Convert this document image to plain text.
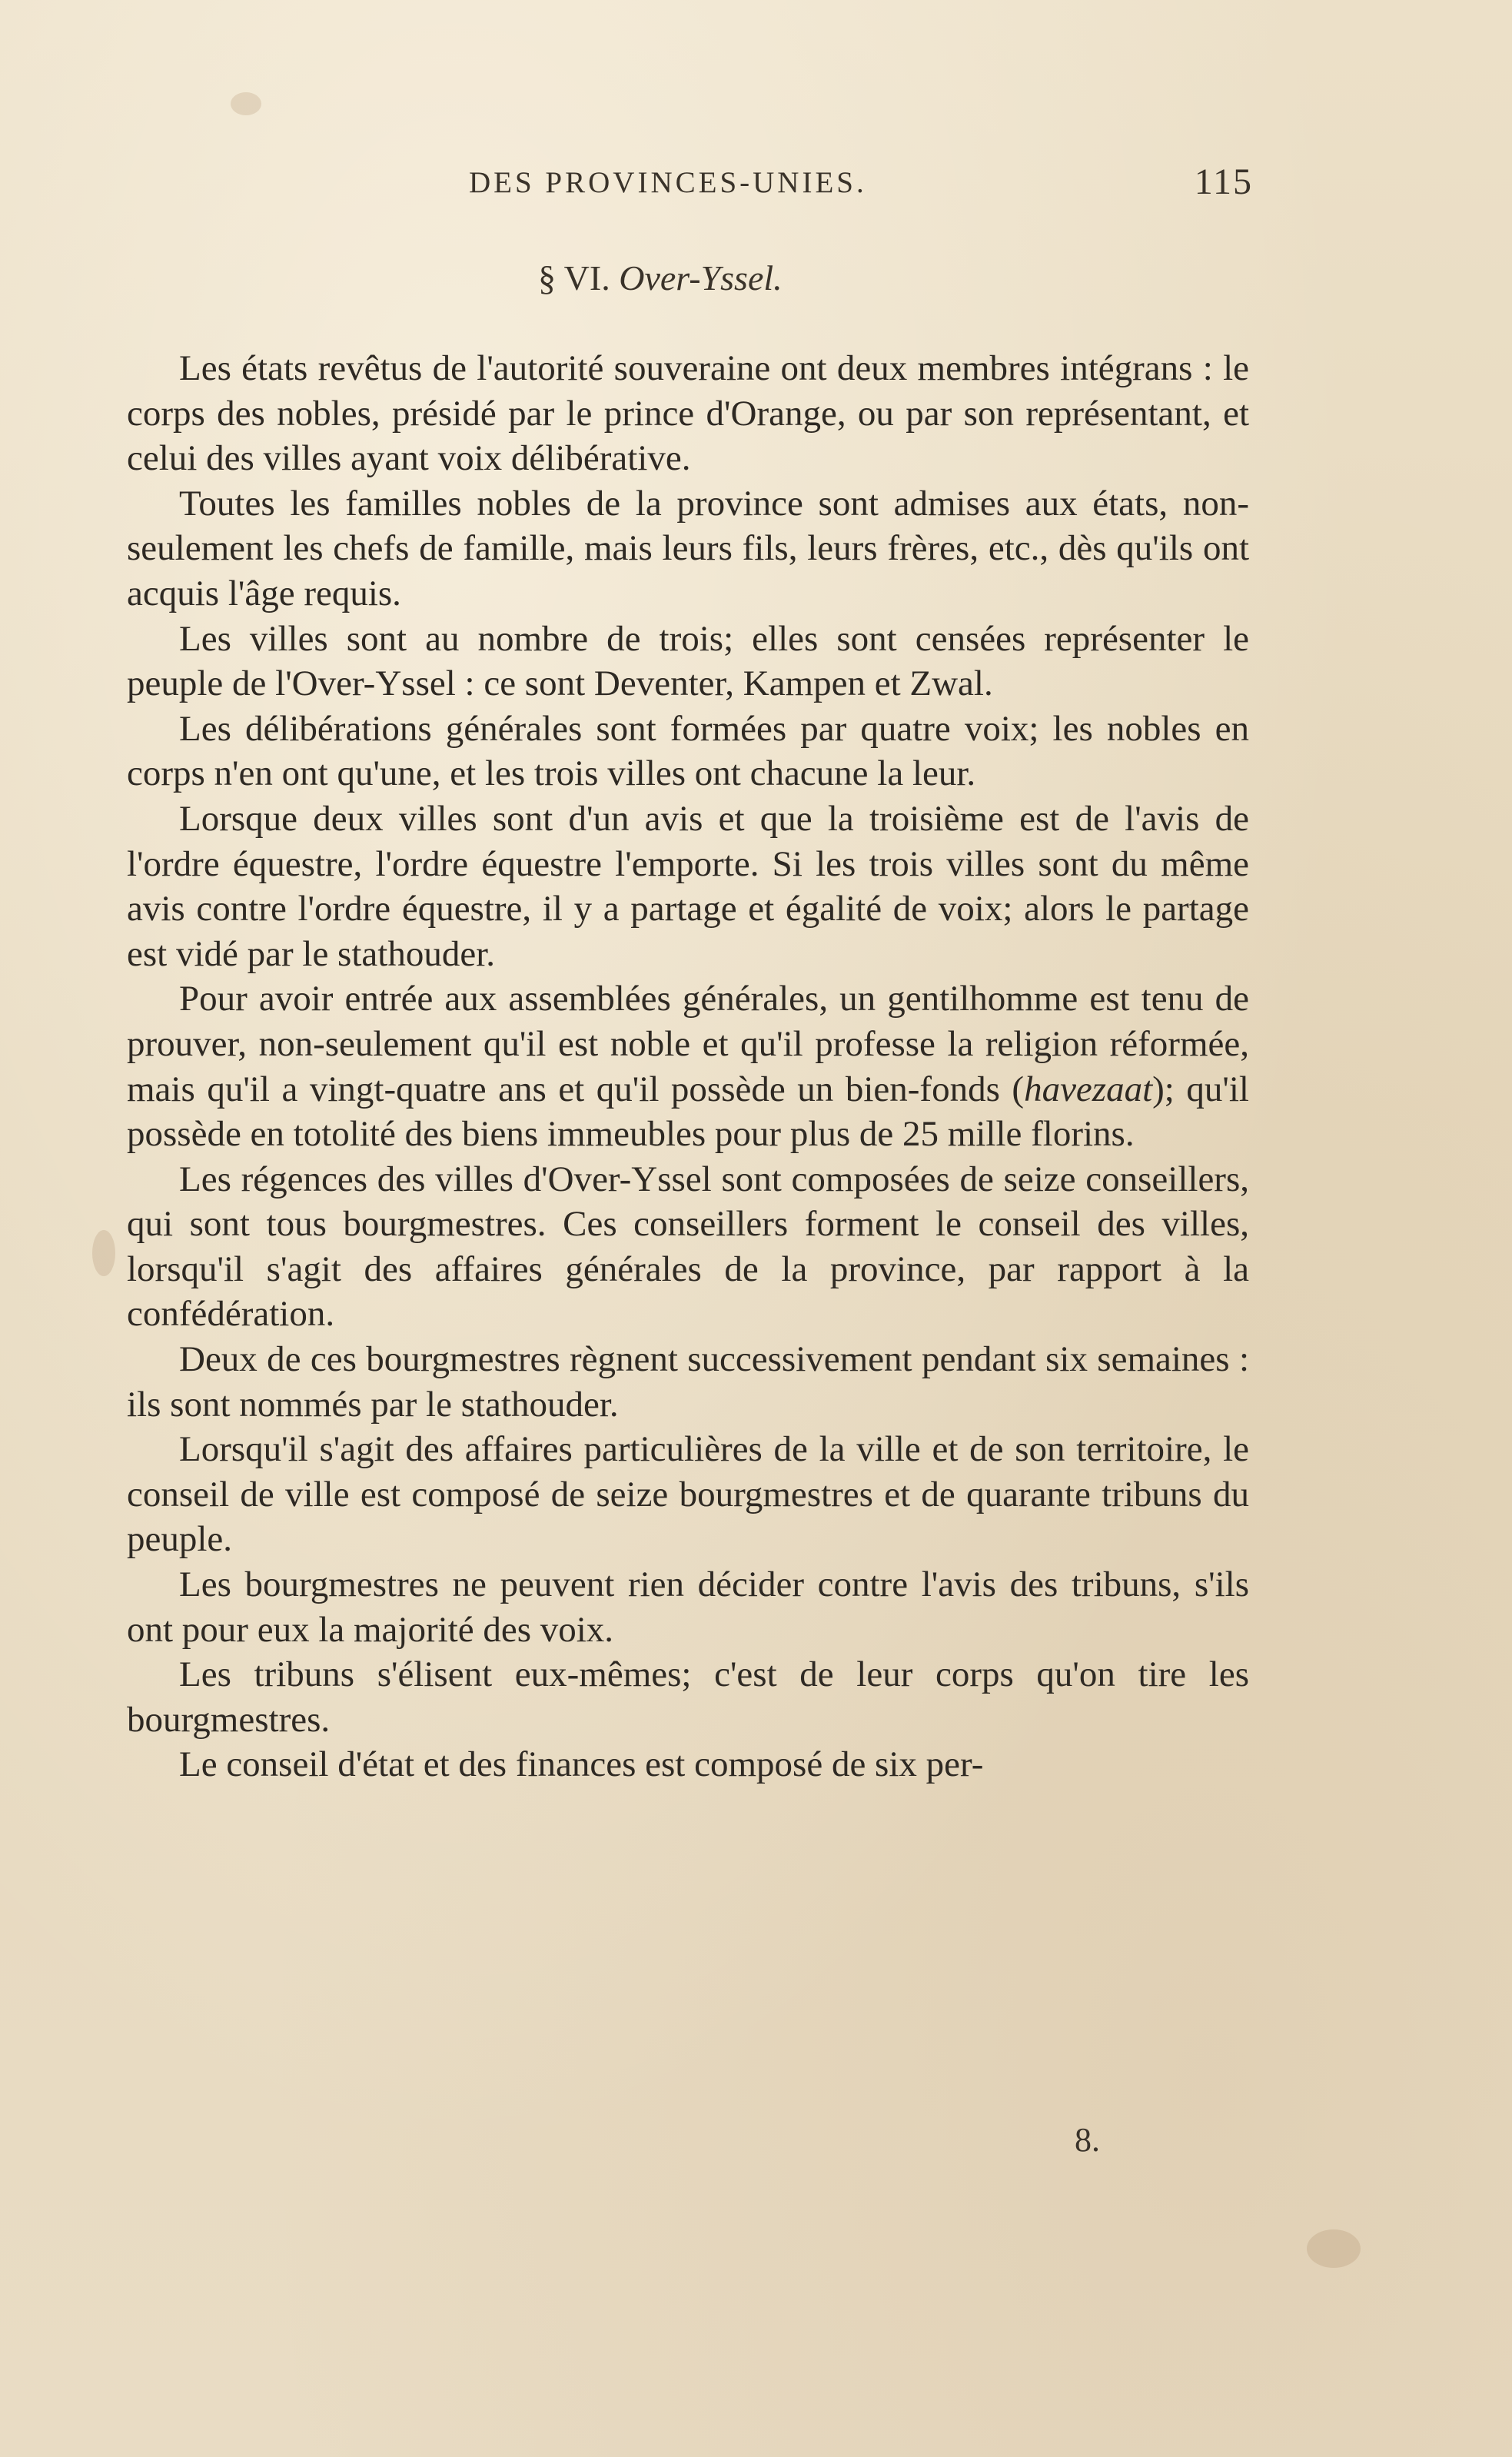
DES PROVINCES-UNIES.	115
§ VI. Over-Yssel.

Les états revêtus de l'autorité souveraine ont deux membres intégrans : le corps des nobles, présidé par le prince d'Orange, ou par son représentant, et celui des villes ayant voix délibérative.

Toutes les familles nobles de la province sont admises aux états, non-seulement les chefs de famille, mais leurs fils, leurs frères, etc., dès qu'ils ont acquis l'âge requis.

Les villes sont au nombre de trois; elles sont censées représenter le peuple de l'Over-Yssel : ce sont Deventer, Kampen et Zwal.

Les délibérations générales sont formées par quatre voix; les nobles en corps n'en ont qu'une, et les trois villes ont chacune la leur.

Lorsque deux villes sont d'un avis et que la troisième est de l'avis de l'ordre équestre, l'ordre équestre l'emporte. Si les trois villes sont du même avis contre l'ordre équestre, il y a partage et égalité de voix; alors le partage est vidé par le stathouder.

Pour avoir entrée aux assemblées générales, un gentilhomme est tenu de prouver, non-seulement qu'il est noble et qu'il professe la religion réformée, mais qu'il a vingt-quatre ans et qu'il possède un bien-fonds (havezaat); qu'il possède en totolité des biens immeubles pour plus de 25 mille florins.

Les régences des villes d'Over-Yssel sont composées de seize conseillers, qui sont tous bourgmestres. Ces conseillers forment le conseil des villes, lorsqu'il s'agit des affaires générales de la province, par rapport à la confédération.

Deux de ces bourgmestres règnent successivement pendant six semaines : ils sont nommés par le stathouder.

Lorsqu'il s'agit des affaires particulières de la ville et de son territoire, le conseil de ville est composé de seize bourgmestres et de quarante tribuns du peuple.

Les bourgmestres ne peuvent rien décider contre l'avis des tribuns, s'ils ont pour eux la majorité des voix.

Les tribuns s'élisent eux-mêmes; c'est de leur corps qu'on tire les bourgmestres.

Le conseil d'état et des finances est composé de six per-

8.
